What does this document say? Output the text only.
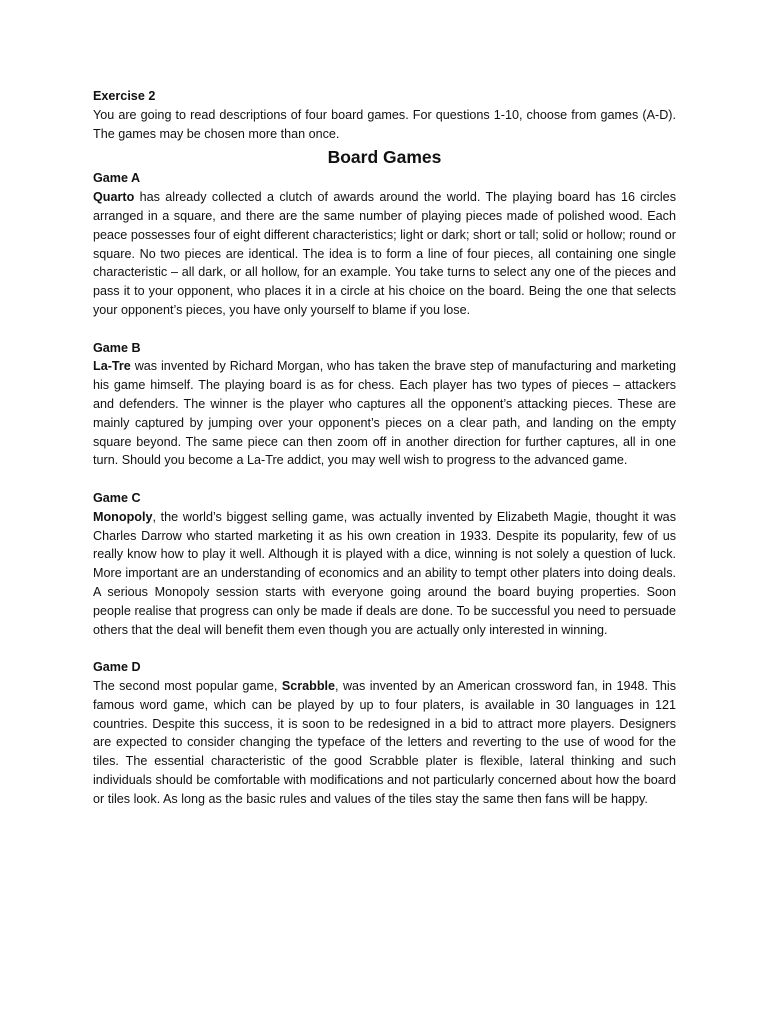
Exercise 2

You are going to read descriptions of four board games. For questions 1-10, choose from games (A-D). The games may be chosen more than once.

Board Games

Game A

Quarto has already collected a clutch of awards around the world. The playing board has 16 circles arranged in a square, and there are the same number of playing pieces made of polished wood. Each peace possesses four of eight different characteristics; light or dark; short or tall; solid or hollow; round or square. No two pieces are identical. The idea is to form a line of four pieces, all containing one single characteristic – all dark, or all hollow, for an example. You take turns to select any one of the pieces and pass it to your opponent, who places it in a circle at his choice on the board. Being the one that selects your opponent’s pieces, you have only yourself to blame if you lose.

Game B

La-Tre was invented by Richard Morgan, who has taken the brave step of manufacturing and marketing his game himself. The playing board is as for chess. Each player has two types of pieces – attackers and defenders. The winner is the player who captures all the opponent’s attacking pieces. These are mainly captured by jumping over your opponent’s pieces on a clear path, and landing on the empty square beyond. The same piece can then zoom off in another direction for further captures, all in one turn. Should you become a La-Tre addict, you may well wish to progress to the advanced game.

Game C

Monopoly, the world’s biggest selling game, was actually invented by Elizabeth Magie, thought it was Charles Darrow who started marketing it as his own creation in 1933. Despite its popularity, few of us really know how to play it well. Although it is played with a dice, winning is not solely a question of luck. More important are an understanding of economics and an ability to tempt other platers into doing deals. A serious Monopoly session starts with everyone going around the board buying properties. Soon people realise that progress can only be made if deals are done. To be successful you need to persuade others that the deal will benefit them even though you are actually only interested in winning.

Game D

The second most popular game, Scrabble, was invented by an American crossword fan, in 1948. This famous word game, which can be played by up to four platers, is available in 30 languages in 121 countries. Despite this success, it is soon to be redesigned in a bid to attract more players. Designers are expected to consider changing the typeface of the letters and reverting to the use of wood for the tiles. The essential characteristic of the good Scrabble plater is flexible, lateral thinking and such individuals should be comfortable with modifications and not particularly concerned about how the board or tiles look. As long as the basic rules and values of the tiles stay the same then fans will be happy.
